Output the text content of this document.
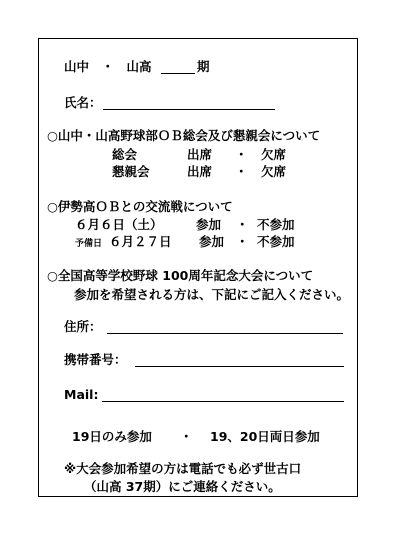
山中　・　山高	期
氏名：
○山中・山高野球部ＯＢ総会及び懇親会について
総会	出席 ・ 欠席
懇親会	出席 ・ 欠席
○伊勢高ＯＢとの交流戦について
６月６日（土）	参加 ・ 不参加
予備日 ６月２７日 参加 ・ 不参加
○全国高等学校野球 100周年記念大会について
参加を希望される方は、下記にご記入ください。
住所：
携帯番号：
Mail:
19日のみ参加 ・ 19、20日両日参加
※大会参加希望の方は電話でも必ず世古口
（山高 37期）にご連絡ください。
